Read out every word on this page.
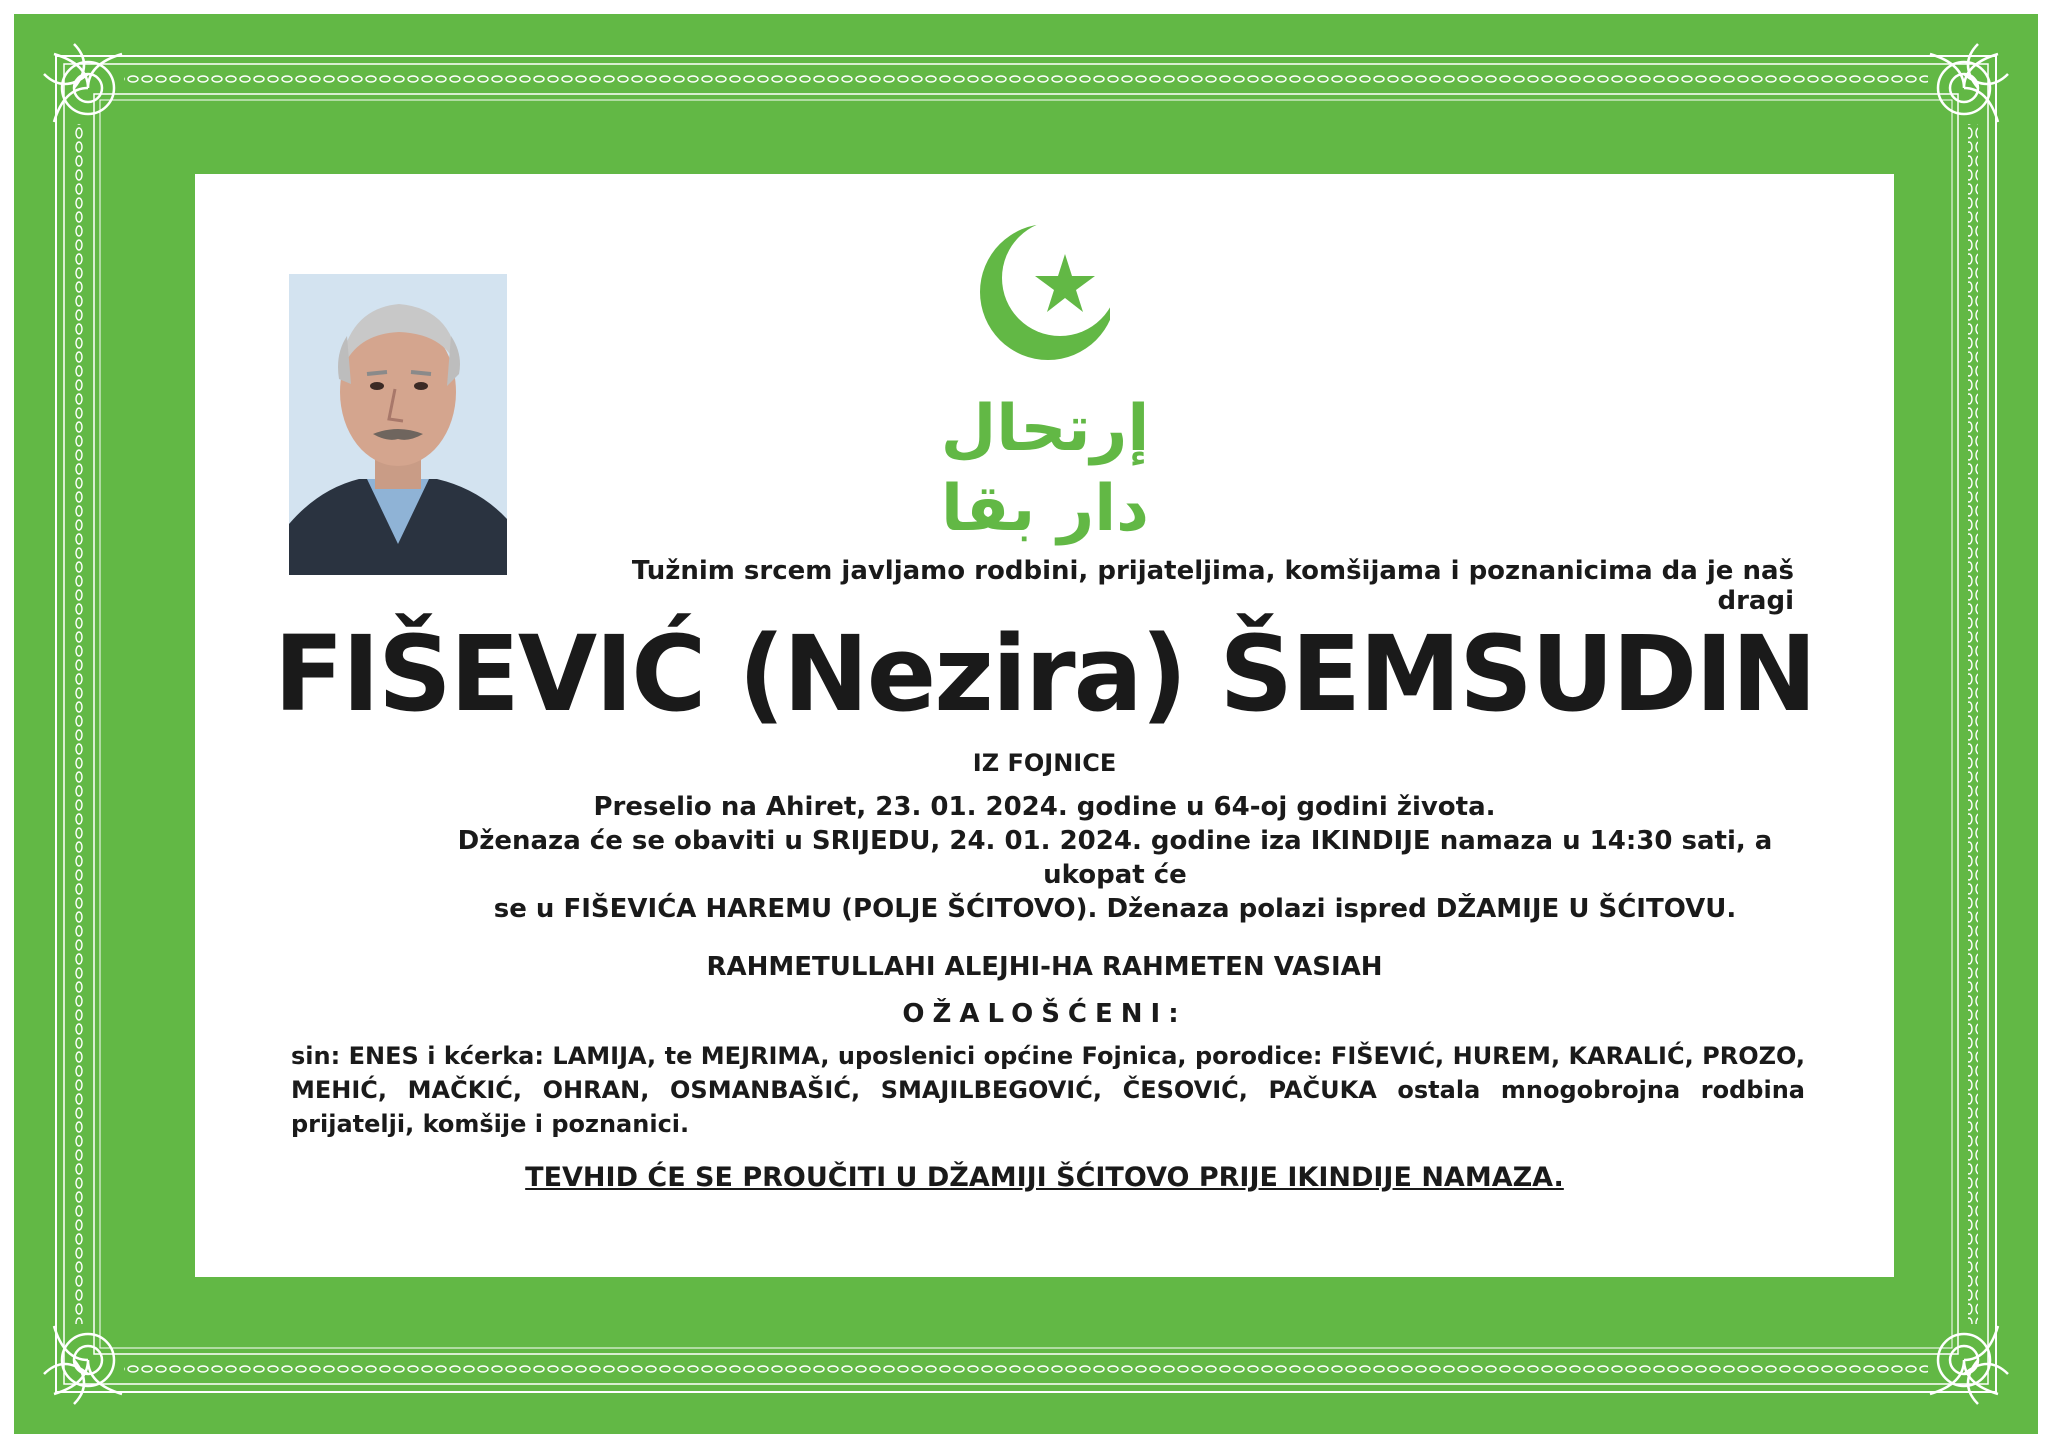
إرتحال دار بقا
Tužnim srcem javljamo rodbini, prijateljima, komšijama i poznanicima da je naš dragi
FIŠEVIĆ (Nezira) ŠEMSUDIN
IZ FOJNICE
Preselio na Ahiret, 23. 01. 2024. godine u 64-oj godini života.
Dženaza će se obaviti u SRIJEDU, 24. 01. 2024. godine iza IKINDIJE namaza u 14:30 sati, a ukopat će
se u FIŠEVIĆA HAREMU (POLJE ŠĆITOVO). Dženaza polazi ispred DŽAMIJE U ŠĆITOVU.
RAHMETULLAHI ALEJHI-HA RAHMETEN VASIAH
OŽALOŠĆENI:
sin: ENES i kćerka: LAMIJA, te MEJRIMA, uposlenici općine Fojnica, porodice: FIŠEVIĆ, HUREM, KARALIĆ, PROZO, MEHIĆ, MAČKIĆ, OHRAN, OSMANBAŠIĆ, SMAJILBEGOVIĆ, ČESOVIĆ, PAČUKA ostala mnogobrojna rodbina prijatelji, komšije i poznanici.
TEVHID ĆE SE PROUČITI U DŽAMIJI ŠĆITOVO PRIJE IKINDIJE NAMAZA.
